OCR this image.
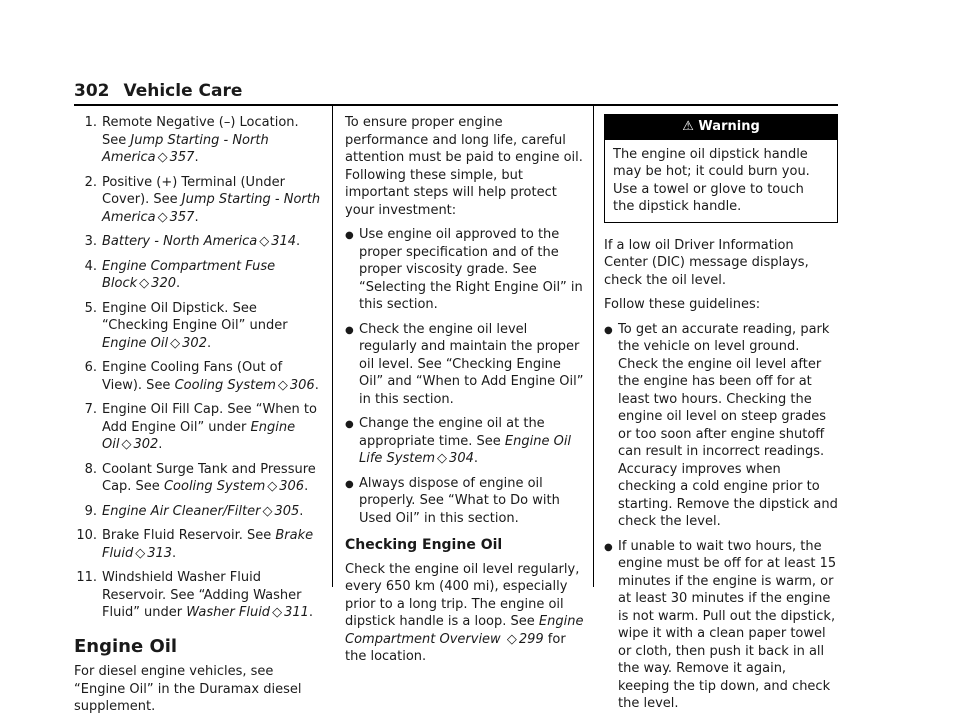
302 Vehicle Care
1. Remote Negative (–) Location. See Jump Starting - North America ◇ 357.
2. Positive (+) Terminal (Under Cover). See Jump Starting - North America ◇ 357.
3. Battery - North America ◇ 314.
4. Engine Compartment Fuse Block ◇ 320.
5. Engine Oil Dipstick. See “Checking Engine Oil” under Engine Oil ◇ 302.
6. Engine Cooling Fans (Out of View). See Cooling System ◇ 306.
7. Engine Oil Fill Cap. See “When to Add Engine Oil” under Engine Oil ◇ 302.
8. Coolant Surge Tank and Pressure Cap. See Cooling System ◇ 306.
9. Engine Air Cleaner/Filter ◇ 305.
10. Brake Fluid Reservoir. See Brake Fluid ◇ 313.
11. Windshield Washer Fluid Reservoir. See “Adding Washer Fluid” under Washer Fluid ◇ 311.
Engine Oil

For diesel engine vehicles, see “Engine Oil” in the Duramax diesel supplement.

To ensure proper engine performance and long life, careful attention must be paid to engine oil. Following these simple, but important steps will help protect your investment:

● Use engine oil approved to the proper specification and of the proper viscosity grade. See “Selecting the Right Engine Oil” in this section.
● Check the engine oil level regularly and maintain the proper oil level. See “Checking Engine Oil” and “When to Add Engine Oil” in this section.
● Change the engine oil at the appropriate time. See Engine Oil Life System ◇ 304.
● Always dispose of engine oil properly. See “What to Do with Used Oil” in this section.
Checking Engine Oil

Check the engine oil level regularly, every 650 km (400 mi), especially prior to a long trip. The engine oil dipstick handle is a loop. See Engine Compartment Overview ◇ 299 for the location.

⚠ Warning
The engine oil dipstick handle may be hot; it could burn you. Use a towel or glove to touch the dipstick handle.

If a low oil Driver Information Center (DIC) message displays, check the oil level.

Follow these guidelines:

● To get an accurate reading, park the vehicle on level ground. Check the engine oil level after the engine has been off for at least two hours. Checking the engine oil level on steep grades or too soon after engine shutoff can result in incorrect readings. Accuracy improves when checking a cold engine prior to starting. Remove the dipstick and check the level.
● If unable to wait two hours, the engine must be off for at least 15 minutes if the engine is warm, or at least 30 minutes if the engine is not warm. Pull out the dipstick, wipe it with a clean paper towel or cloth, then push it back in all the way. Remove it again, keeping the tip down, and check the level.
